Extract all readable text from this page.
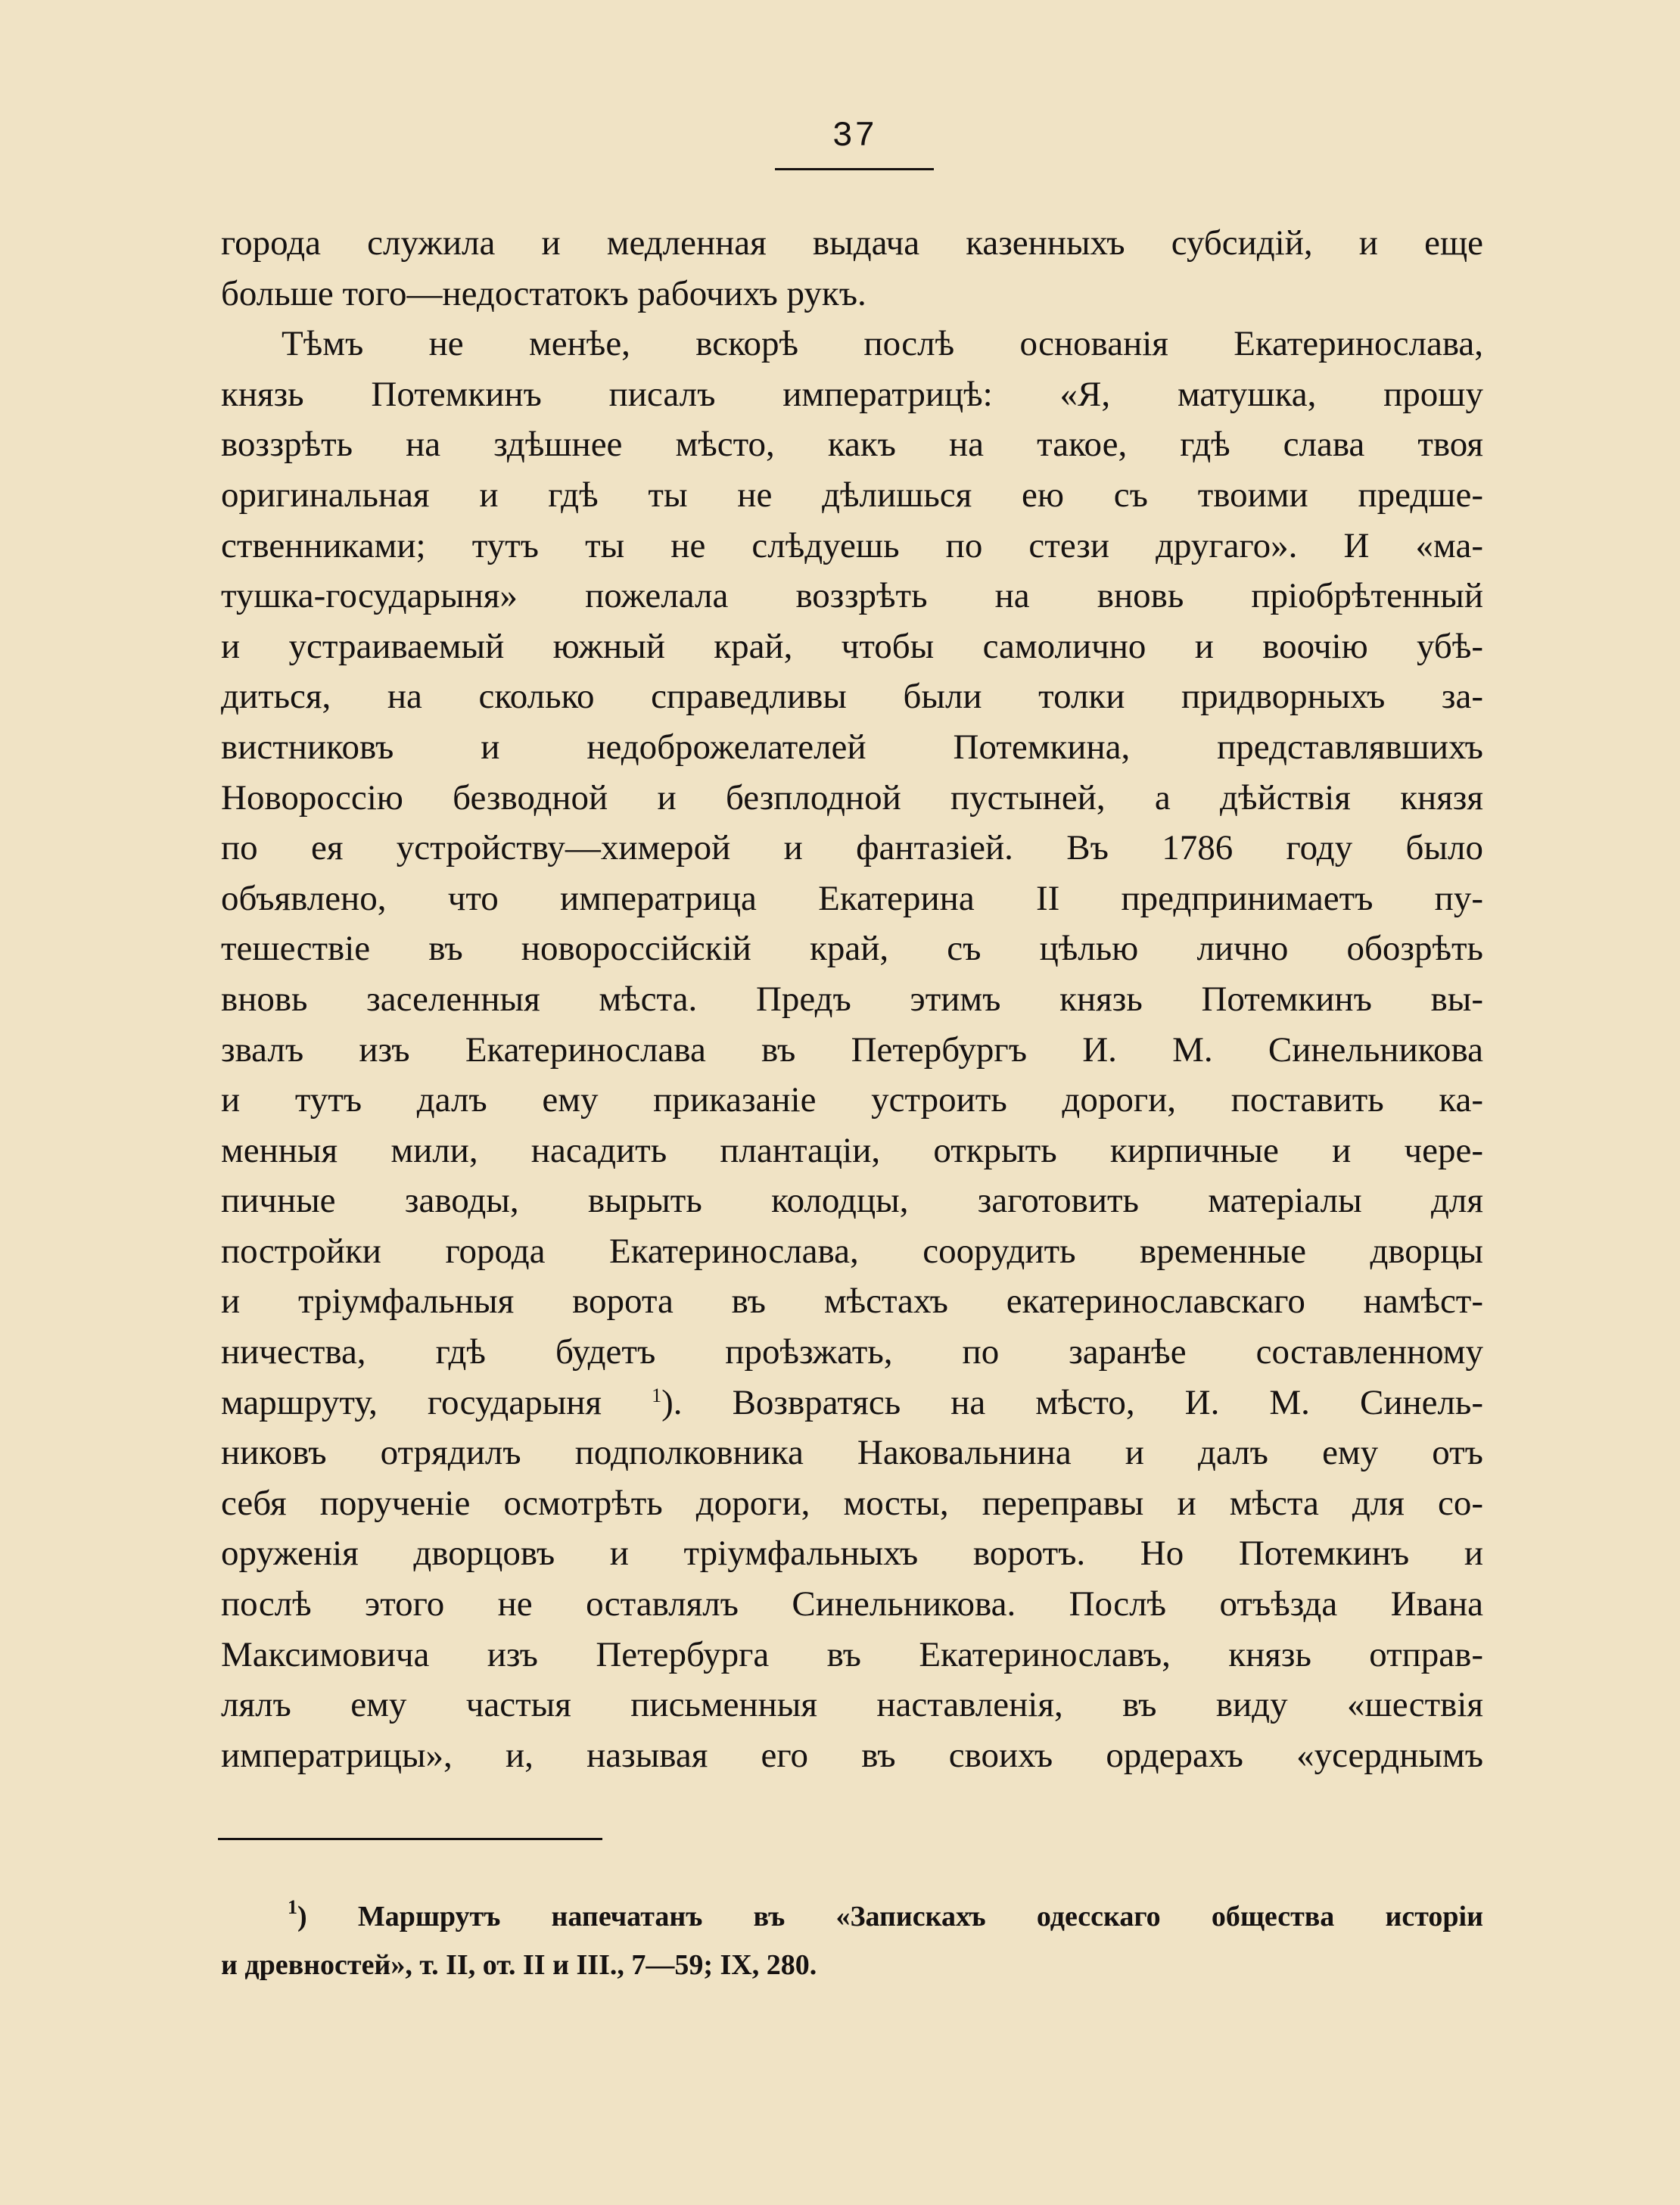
37
города служила и медленная выдача казенныхъ субсидій, и еще
больше того—недостатокъ рабочихъ рукъ.
Тѣмъ не менѣе, вскорѣ послѣ основанія Екатеринослава,
князь Потемкинъ писалъ императрицѣ: «Я, матушка, прошу
воззрѣть на здѣшнее мѣсто, какъ на такое, гдѣ слава твоя
оригинальная и гдѣ ты не дѣлишься ею съ твоими предше-
ственниками; тутъ ты не слѣдуешь по стези другаго». И «ма-
тушка-государыня» пожелала воззрѣть на вновь пріобрѣтенный
и устраиваемый южный край, чтобы самолично и воочію убѣ-
диться, на сколько справедливы были толки придворныхъ за-
вистниковъ и недоброжелателей Потемкина, представлявшихъ
Новороссію безводной и безплодной пустыней, а дѣйствія князя
по ея устройству—химерой и фантазіей. Въ 1786 году было
объявлено, что императрица Екатерина II предпринимаетъ пу-
тешествіе въ новороссійскій край, съ цѣлью лично обозрѣть
вновь заселенныя мѣста. Предъ этимъ князь Потемкинъ вы-
звалъ изъ Екатеринослава въ Петербургъ И. М. Синельникова
и тутъ далъ ему приказаніе устроить дороги, поставить ка-
менныя мили, насадить плантаціи, открыть кирпичные и чере-
пичные заводы, вырыть колодцы, заготовить матеріалы для
постройки города Екатеринослава, соорудить временные дворцы
и тріумфальныя ворота въ мѣстахъ екатеринославскаго намѣст-
ничества, гдѣ будетъ проѣзжать, по заранѣе составленному
маршруту, государыня	$^1$). Возвратясь на мѣсто, И. М. Синель-
никовъ отрядилъ подполковника Наковальнина и далъ ему отъ
себя порученіе осмотрѣть дороги, мосты, переправы и мѣста для со-
оруженія дворцовъ и тріумфальныхъ воротъ. Но Потемкинъ и
послѣ этого не оставлялъ Синельникова. Послѣ отъѣзда Ивана
Максимовича изъ Петербурга въ Екатеринославъ, князь отправ-
лялъ ему частыя письменныя наставленія, въ виду «шествія
императрицы», и, называя его въ своихъ ордерахъ «усерднымъ
$^1$) Маршрутъ напечатанъ въ «Запискахъ одесскаго общества исторіи
и древностей», т. II, от. II и III., 7—59; IX, 280.
